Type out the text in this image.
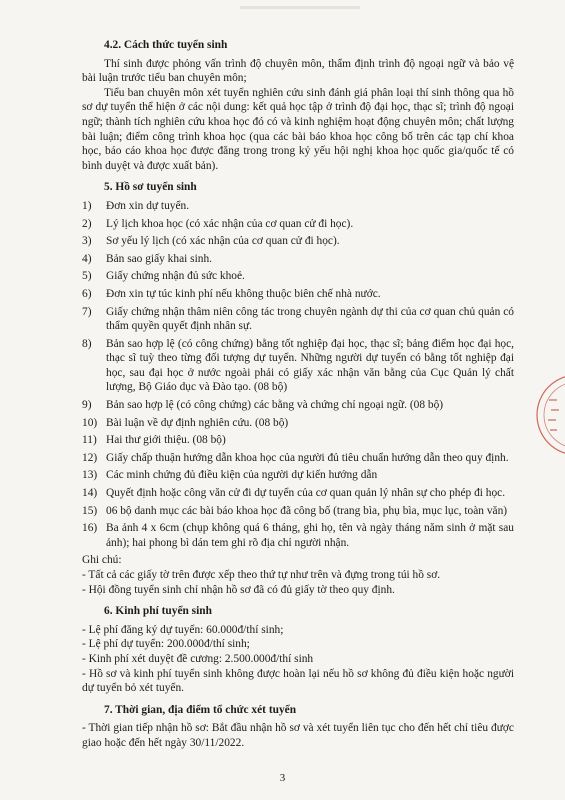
4.2. Cách thức tuyển sinh

Thí sinh được phỏng vấn trình độ chuyên môn, thẩm định trình độ ngoại ngữ và bảo vệ bài luận trước tiểu ban chuyên môn;

Tiểu ban chuyên môn xét tuyển nghiên cứu sinh đánh giá phân loại thí sinh thông qua hồ sơ dự tuyển thể hiện ở các nội dung: kết quả học tập ở trình độ đại học, thạc sĩ; trình độ ngoại ngữ; thành tích nghiên cứu khoa học đó có và kinh nghiệm hoạt động chuyên môn; chất lượng bài luận; điểm công trình khoa học (qua các bài báo khoa học công bố trên các tạp chí khoa học, báo cáo khoa học được đăng trong trong kỷ yếu hội nghị khoa học quốc gia/quốc tế có bình duyệt và được xuất bản).

5. Hồ sơ tuyển sinh

1) Đơn xin dự tuyển.
2) Lý lịch khoa học (có xác nhận của cơ quan cử đi học).
3) Sơ yếu lý lịch (có xác nhận của cơ quan cử đi học).
4) Bản sao giấy khai sinh.
5) Giấy chứng nhận đủ sức khoẻ.
6) Đơn xin tự túc kinh phí nếu không thuộc biên chế nhà nước.
7) Giấy chứng nhận thâm niên công tác trong chuyên ngành dự thi của cơ quan chủ quản có thẩm quyền quyết định nhân sự.
8) Bản sao hợp lệ (có công chứng) bằng tốt nghiệp đại học, thạc sĩ; bảng điểm học đại học, thạc sĩ tuỳ theo từng đối tượng dự tuyển. Những người dự tuyển có bằng tốt nghiệp đại học, sau đại học ở nước ngoài phải có giấy xác nhận văn bằng của Cục Quản lý chất lượng, Bộ Giáo dục và Đào tạo. (08 bộ)
9) Bản sao hợp lệ (có công chứng) các bằng và chứng chỉ ngoại ngữ. (08 bộ)
10) Bài luận về dự định nghiên cứu. (08 bộ)
11) Hai thư giới thiệu. (08 bộ)
12) Giấy chấp thuận hướng dẫn khoa học của người đủ tiêu chuẩn hướng dẫn theo quy định.
13) Các minh chứng đủ điều kiện của người dự kiến hướng dẫn
14) Quyết định hoặc công văn cử đi dự tuyển của cơ quan quản lý nhân sự cho phép đi học.
15) 06 bộ danh mục các bài báo khoa học đã công bố (trang bìa, phụ bìa, mục lục, toàn văn)
16) Ba ảnh 4 x 6cm (chụp không quá 6 tháng, ghi họ, tên và ngày tháng năm sinh ở mặt sau ảnh); hai phong bì dán tem ghi rõ địa chỉ người nhận.

Ghi chú:

- Tất cả các giấy tờ trên được xếp theo thứ tự như trên và đựng trong túi hồ sơ.

- Hội đồng tuyển sinh chỉ nhận hồ sơ đã có đủ giấy tờ theo quy định.

6. Kinh phí tuyển sinh

- Lệ phí đăng ký dự tuyển: 60.000đ/thí sinh;

- Lệ phí dự tuyển: 200.000đ/thí sinh;

- Kinh phí xét duyệt đề cương: 2.500.000đ/thí sinh

- Hồ sơ và kinh phí tuyển sinh không được hoàn lại nếu hồ sơ không đủ điều kiện hoặc người dự tuyển bỏ xét tuyển.

7. Thời gian, địa điểm tổ chức xét tuyển

- Thời gian tiếp nhận hồ sơ: Bắt đầu nhận hồ sơ và xét tuyển liên tục cho đến hết chỉ tiêu được giao hoặc đến hết ngày 30/11/2022.

3
